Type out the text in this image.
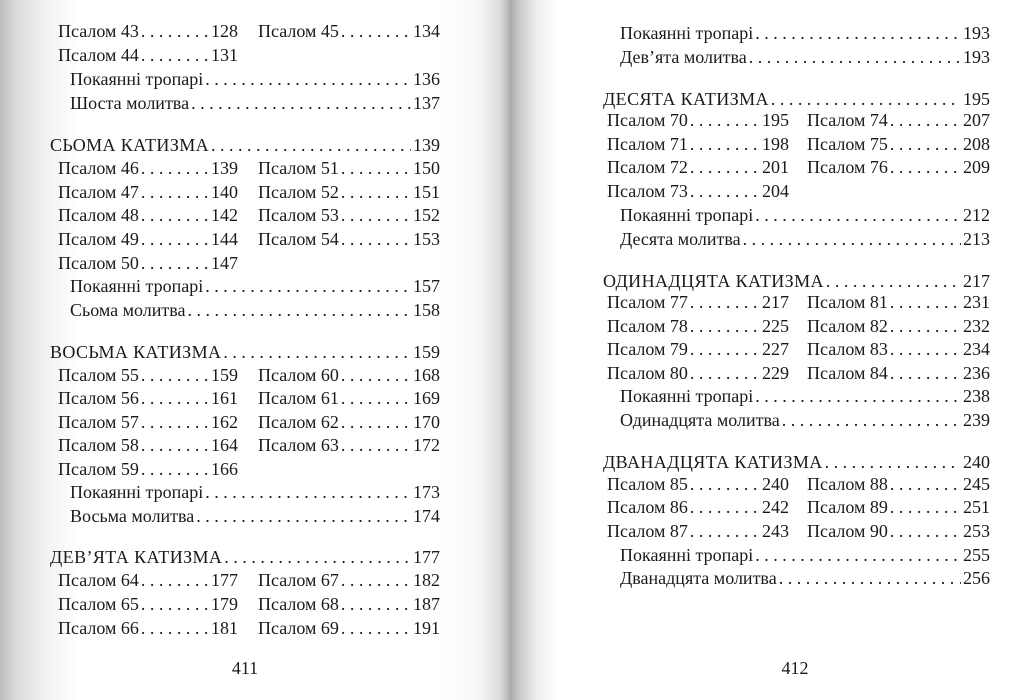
411	412
Псалом 43 . . .	128 Псалом 45 . . .	134
Псалом 44 . . .	131
Покаянні тропарі . . .	136
Шоста молитва . . .	137
СЬОМА КАТИЗМА . . .	139
Псалом 46 . . .	139 Псалом 51 . . .	150
Псалом 47 . . .	140 Псалом 52 . . .	151
Псалом 48 . . .	142 Псалом 53 . . .	152
Псалом 49 . . .	144 Псалом 54 . . .	153
Псалом 50 . . .	147
Покаянні тропарі . . .	157
Сьома молитва . . .	158
ВОСЬМА КАТИЗМА . . .	159
Псалом 55 . . .	159 Псалом 60 . . .	168
Псалом 56 . . .	161 Псалом 61 . . .	169
Псалом 57 . . .	162 Псалом 62 . . .	170
Псалом 58 . . .	164 Псалом 63 . . .	172
Псалом 59 . . .	166
Покаянні тропарі . . .	173
Восьма молитва . . .	174
ДЕВ’ЯТА КАТИЗМА . . .	177
Псалом 64 . . .	177 Псалом 67 . . .	182
Псалом 65 . . .	179 Псалом 68 . . .	187
Псалом 66 . . .	181 Псалом 69 . . .	191
Покаянні тропарі . . .	193
Дев’ята молитва . . .	193
ДЕСЯТА КАТИЗМА . . .	195
Псалом 70 . . .	195 Псалом 74 . . .	207
Псалом 71 . . .	198 Псалом 75 . . .	208
Псалом 72 . . .	201 Псалом 76 . . .	209
Псалом 73 . . .	204
Покаянні тропарі . . .	212
Десята молитва . . .	213
ОДИНАДЦЯТА КАТИЗМА . . .	217
Псалом 77 . . .	217 Псалом 81 . . .	231
Псалом 78 . . .	225 Псалом 82 . . .	232
Псалом 79 . . .	227 Псалом 83 . . .	234
Псалом 80 . . .	229 Псалом 84 . . .	236
Покаянні тропарі . . .	238
Одинадцята молитва . . .	239
ДВАНАДЦЯТА КАТИЗМА . . .	240
Псалом 85 . . .	240 Псалом 88 . . .	245
Псалом 86 . . .	242 Псалом 89 . . .	251
Псалом 87 . . .	243 Псалом 90 . . .	253
Покаянні тропарі . . .	255
Дванадцята молитва . . .	256
